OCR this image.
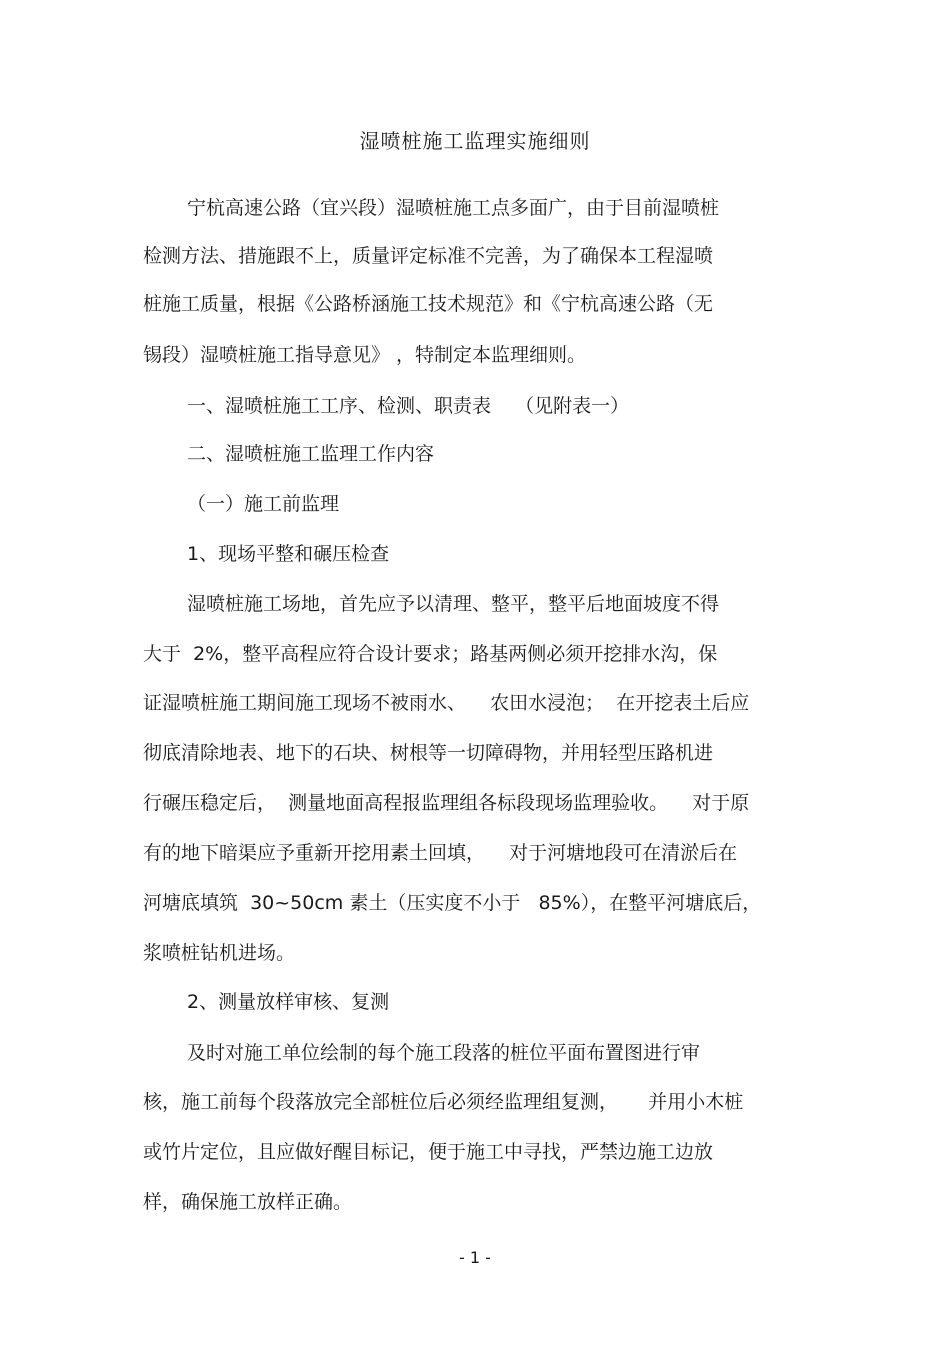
湿喷桩施工监理实施细则
宁杭高速公路（宜兴段）湿喷桩施工点多面广，由于目前湿喷桩
检测方法、措施跟不上，质量评定标准不完善，为了确保本工程湿喷
桩施工质量，根据《公路桥涵施工技术规范》和《宁杭高速公路（无
锡段）湿喷桩施工指导意见》 ，特制定本监理细则。
一、湿喷桩施工工序、检测、职责表    （见附表一）
二、湿喷桩施工监理工作内容
（一）施工前监理
1、现场平整和碾压检查
湿喷桩施工场地，首先应予以清理、整平，整平后地面坡度不得
大于  2%，整平高程应符合设计要求；路基两侧必须开挖排水沟，保
证湿喷桩施工期间施工现场不被雨水、    农田水浸泡；  在开挖表土后应
彻底清除地表、地下的石块、树根等一切障碍物，并用轻型压路机进
行碾压稳定后，  测量地面高程报监理组各标段现场监理验收。    对于原
有的地下暗渠应予重新开挖用素土回填，    对于河塘地段可在清淤后在
河塘底填筑  30~50cm 素土（压实度不小于   85%），在整平河塘底后，
浆喷桩钻机进场。
2、测量放样审核、复测
及时对施工单位绘制的每个施工段落的桩位平面布置图进行审
核，施工前每个段落放完全部桩位后必须经监理组复测，     并用小木桩
或竹片定位，且应做好醒目标记，便于施工中寻找，严禁边施工边放
样，确保施工放样正确。
- 1 -
